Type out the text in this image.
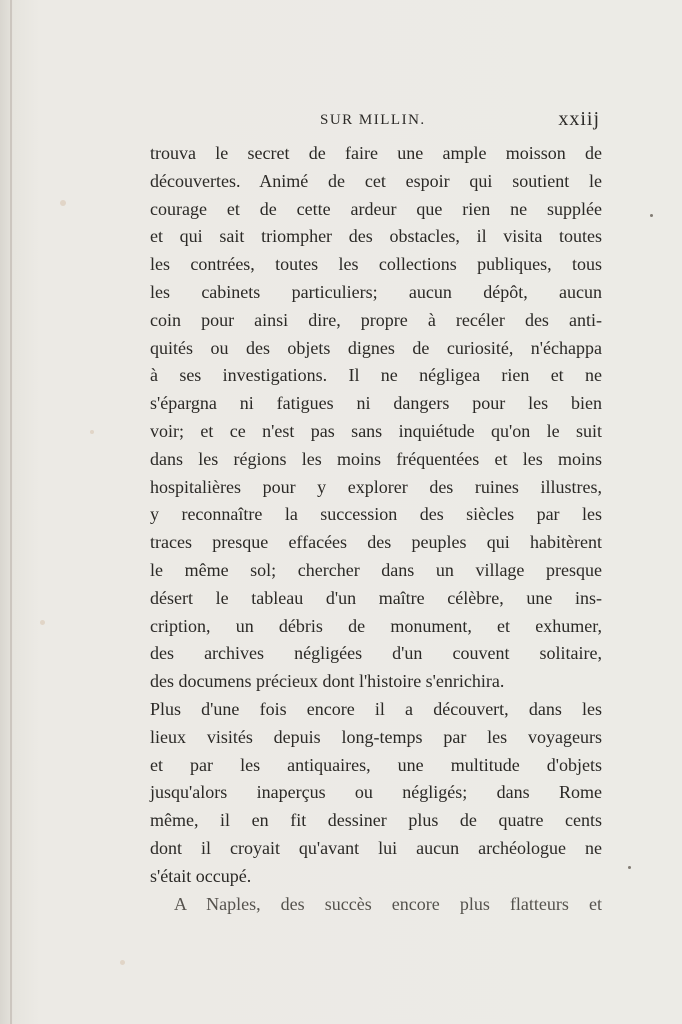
SUR MILLIN.	xxiij
trouva le secret de faire une ample moisson de
découvertes. Animé de cet espoir qui soutient le
courage et de cette ardeur que rien ne supplée
et qui sait triompher des obstacles, il visita toutes
les contrées, toutes les collections publiques, tous
les cabinets particuliers; aucun dépôt, aucun
coin pour ainsi dire, propre à recéler des anti-
quités ou des objets dignes de curiosité, n'échappa
à ses investigations. Il ne négligea rien et ne
s'épargna ni fatigues ni dangers pour les bien
voir; et ce n'est pas sans inquiétude qu'on le suit
dans les régions les moins fréquentées et les moins
hospitalières pour y explorer des ruines illustres,
y reconnaître la succession des siècles par les
traces presque effacées des peuples qui habitèrent
le même sol; chercher dans un village presque
désert le tableau d'un maître célèbre, une ins-
cription, un débris de monument, et exhumer,
des archives négligées d'un couvent solitaire,
des documens précieux dont l'histoire s'enrichira.
Plus d'une fois encore il a découvert, dans les
lieux visités depuis long-temps par les voyageurs
et par les antiquaires, une multitude d'objets
jusqu'alors inaperçus ou négligés; dans Rome
même, il en fit dessiner plus de quatre cents
dont il croyait qu'avant lui aucun archéologue ne
s'était occupé.
A Naples, des succès encore plus flatteurs et
